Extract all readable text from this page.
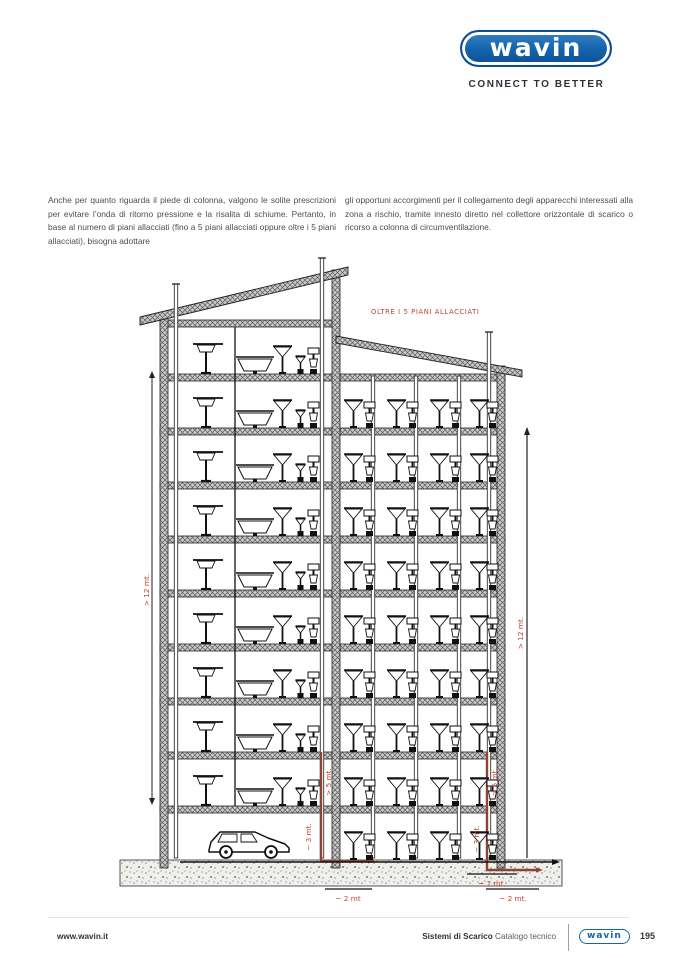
wavin
CONNECT TO BETTER

Anche per quanto riguarda il piede di colonna, valgono le solite prescrizioni per evitare l’onda di ritorno pressione e la risalita di schiume. Pertanto, in base al numero di piani allacciati (fino a 5 piani allacciati oppure oltre i 5 piani allacciati), bisogna adottare

gli opportuni accorgimenti per il collegamento degli apparecchi interessati alla zona a rischio, tramite innesto diretto nel collettore orizzontale di scarico o ricorso a colonna di circumventilazione.

OLTRE I 5 PIANI ALLACCIATI
> 12 mt.
> 12 mt.
> 5 mt.
~ 3 mt.
> 5 mt.
~ 3 mt.
~ 2 mt
~ 1 mt.
~ 2 mt.
www.wavin.it	Sistemi di Scarico Catalogo tecnico	wavin	195
